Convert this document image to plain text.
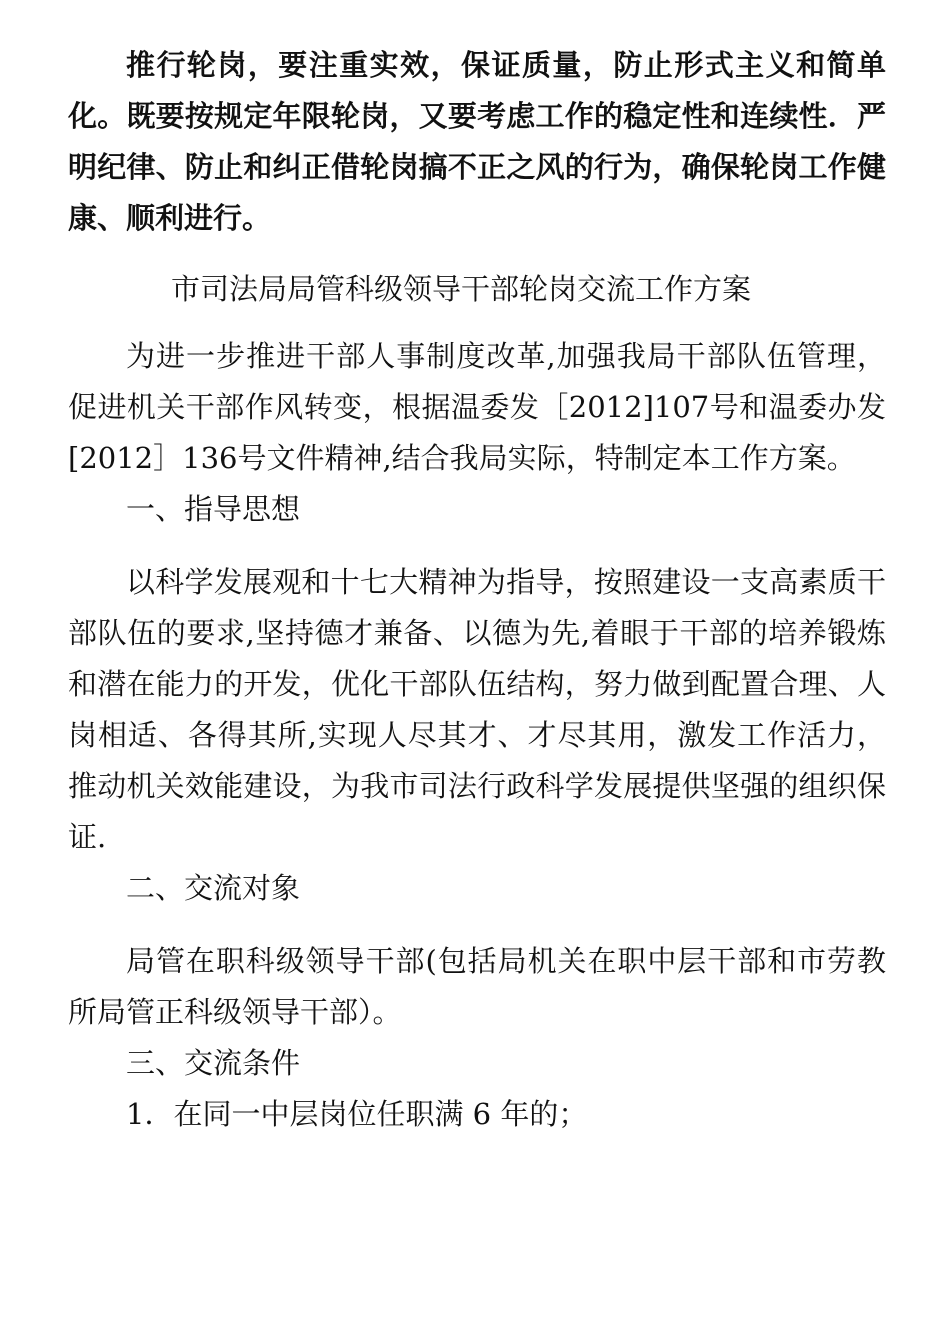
推行轮岗，要注重实效，保证质量，防止形式主义和简单化。既要按规定年限轮岗，又要考虑工作的稳定性和连续性．严明纪律、防止和纠正借轮岗搞不正之风的行为，确保轮岗工作健康、顺利进行。

市司法局局管科级领导干部轮岗交流工作方案

为进一步推进干部人事制度改革,加强我局干部队伍管理，促进机关干部作风转变，根据温委发［2012]107号和温委办发[2012］136号文件精神,结合我局实际，特制定本工作方案。

一、指导思想

以科学发展观和十七大精神为指导，按照建设一支高素质干部队伍的要求,坚持德才兼备、以德为先,着眼于干部的培养锻炼和潜在能力的开发，优化干部队伍结构，努力做到配置合理、人岗相适、各得其所,实现人尽其才、才尽其用，激发工作活力，推动机关效能建设，为我市司法行政科学发展提供坚强的组织保证.

二、交流对象

局管在职科级领导干部(包括局机关在职中层干部和市劳教所局管正科级领导干部）。

三、交流条件

1．在同一中层岗位任职满 6 年的；
